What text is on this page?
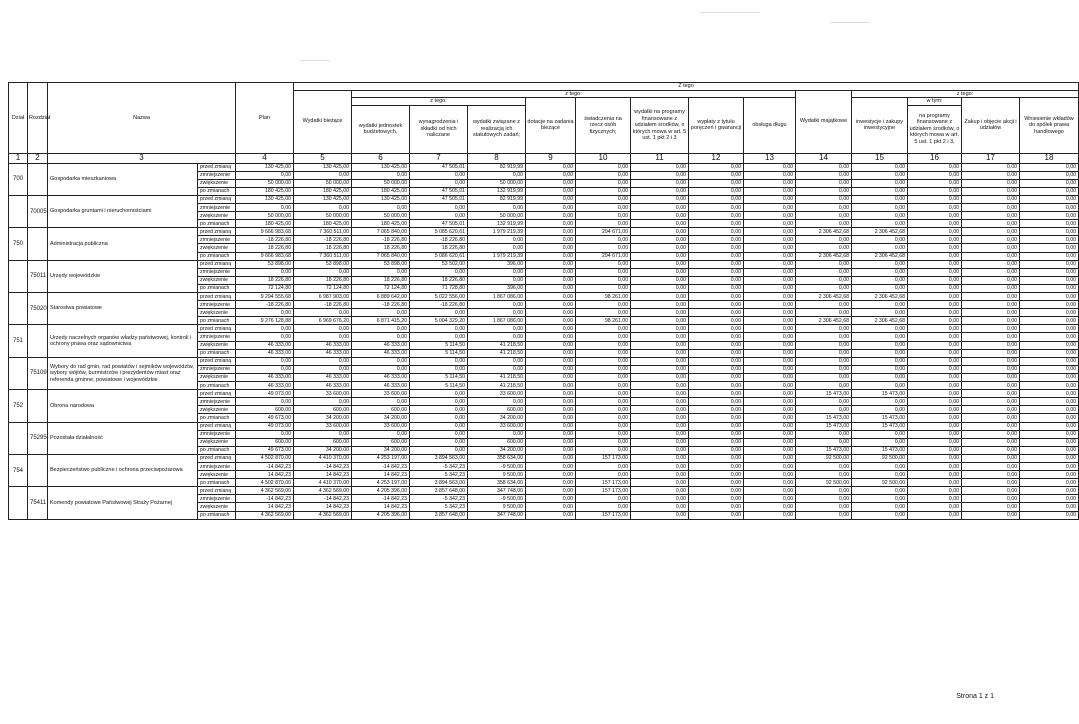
Dział	Rozdział	Nazwa		Plan	Z tego													
					Wydatki bieżące	z tego:								Wydatki majątkowe	z tego:			
						z tego:			dotacje na zadania bieżące	świadczenia na rzecz osób fizycznych;	wydatki na programy finansowane z udziałem środków, o których mowa w art. 5 ust. 1 pkt 2 i 3	wypłaty z tytułu poręczeń i gwarancji	obsługa długu		inwestycje i zakupy inwestycyjne	w tym:	Zakup i objęcie akcji i udziałów	Wniesienie wkładów do spółek prawa handlowego
						wydatki jednostek budżetowych,	wynagrodzenia i składki od nich naliczane	wydatki związane z realizacją ich statutowych zadań;								na programy finansowane z udziałem środków, o których mowa w art. 5 ust. 1 pkt 2 i 3,		

1	2	3		4	5	6	7	8	9	10	11	12	13	14	15	16	17	18
700		Gospodarka mieszkaniowa	przed zmianą	130 425,00	130 425,00	130 425,00	47 505,01	82 919,99	0,00	0,00	0,00	0,00	0,00	0,00	0,00	0,00	0,00	0,00
			zmniejszenie	0,00	0,00	0,00	0,00	0,00	0,00	0,00	0,00	0,00	0,00	0,00	0,00	0,00	0,00	0,00
			zwiększenie	50 000,00	50 000,00	50 000,00	0,00	50 000,00	0,00	0,00	0,00	0,00	0,00	0,00	0,00	0,00	0,00	0,00
			po zmianach	180 425,00	180 425,00	180 425,00	47 505,01	132 919,99	0,00	0,00	0,00	0,00	0,00	0,00	0,00	0,00	0,00	0,00
	70005	Gospodarka gruntami i nieruchomościami	przed zmianą	130 425,00	130 425,00	130 425,00	47 505,01	82 919,99	0,00	0,00	0,00	0,00	0,00	0,00	0,00	0,00	0,00	0,00
			zmniejszenie	0,00	0,00	0,00	0,00	0,00	0,00	0,00	0,00	0,00	0,00	0,00	0,00	0,00	0,00	0,00
			zwiększenie	50 000,00	50 000,00	50 000,00	0,00	50 000,00	0,00	0,00	0,00	0,00	0,00	0,00	0,00	0,00	0,00	0,00
			po zmianach	180 425,00	180 425,00	180 425,00	47 505,01	132 919,99	0,00	0,00	0,00	0,00	0,00	0,00	0,00	0,00	0,00	0,00
750		Administracja publiczna	przed zmianą	9 666 983,68	7 360 511,00	7 065 840,00	5 085 620,61	1 979 219,39	0,00	294 671,00	0,00	0,00	0,00	2 306 452,68	2 306 452,68	0,00	0,00	0,00
			zmniejszenie	-18 226,80	-18 226,80	-18 226,80	-18 226,80	0,00	0,00	0,00	0,00	0,00	0,00	0,00	0,00	0,00	0,00	0,00
			zwiększenie	18 226,80	18 226,80	18 226,80	18 226,80	0,00	0,00	0,00	0,00	0,00	0,00	0,00	0,00	0,00	0,00	0,00
			po zmianach	9 666 983,68	7 360 511,00	7 065 840,00	5 086 620,61	1 979 219,39	0,00	294 671,00	0,00	0,00	0,00	2 306 452,68	2 306 452,68	0,00	0,00	0,00
	75011	Urzędy wojewódzkie	przed zmianą	53 898,00	53 898,00	53 898,00	53 502,00	396,00	0,00	0,00	0,00	0,00	0,00	0,00	0,00	0,00	0,00	0,00
			zmniejszenie	0,00	0,00	0,00	0,00	0,00	0,00	0,00	0,00	0,00	0,00	0,00	0,00	0,00	0,00	0,00
			zwiększenie	18 226,80	18 226,80	18 226,80	18 226,80	0,00	0,00	0,00	0,00	0,00	0,00	0,00	0,00	0,00	0,00	0,00
			po zmianach	72 124,80	72 124,80	72 124,80	71 728,80	396,00	0,00	0,00	0,00	0,00	0,00	0,00	0,00	0,00	0,00	0,00
	75020	Starostwa powiatowe	przed zmianą	9 294 555,68	6 987 903,00	6 889 642,00	5 022 556,00	1 867 086,00	0,00	98 261,00	0,00	0,00	0,00	2 306 452,68	2 306 452,68	0,00	0,00	0,00
			zmniejszenie	-18 226,80	-18 226,80	-18 226,80	-18 226,80	0,00	0,00	0,00	0,00	0,00	0,00	0,00	0,00	0,00	0,00	0,00
			zwiększenie	0,00	0,00	0,00	0,00	0,00	0,00	0,00	0,00	0,00	0,00	0,00	0,00	0,00	0,00	0,00
			po zmianach	9 276 128,88	6 969 676,20	6 871 415,20	5 004 329,20	1 867 086,00	0,00	98 261,00	0,00	0,00	0,00	2 306 452,68	2 306 452,68	0,00	0,00	0,00
751		Urzędy naczelnych organów władzy państwowej, kontroli i ochrony prawa oraz sądownictwa	przed zmianą	0,00	0,00	0,00	0,00	0,00	0,00	0,00	0,00	0,00	0,00	0,00	0,00	0,00	0,00	0,00
			zmniejszenie	0,00	0,00	0,00	0,00	0,00	0,00	0,00	0,00	0,00	0,00	0,00	0,00	0,00	0,00	0,00
			zwiększenie	46 333,00	46 333,00	46 333,00	5 114,50	41 218,50	0,00	0,00	0,00	0,00	0,00	0,00	0,00	0,00	0,00	0,00
			po zmianach	46 333,00	46 333,00	46 333,00	5 114,50	41 218,50	0,00	0,00	0,00	0,00	0,00	0,00	0,00	0,00	0,00	0,00
	75109	Wybory do rad gmin, rad powiatów i sejmików województw, wybory wójtów, burmistrzów i prezydentów miast oraz referenda gminne, powiatowe i wojewódzkie	przed zmianą	0,00	0,00	0,00	0,00	0,00	0,00	0,00	0,00	0,00	0,00	0,00	0,00	0,00	0,00	0,00
			zmniejszenie	0,00	0,00	0,00	0,00	0,00	0,00	0,00	0,00	0,00	0,00	0,00	0,00	0,00	0,00	0,00
			zwiększenie	46 333,00	46 333,00	46 333,00	5 114,50	41 218,50	0,00	0,00	0,00	0,00	0,00	0,00	0,00	0,00	0,00	0,00
			po zmianach	46 333,00	46 333,00	46 333,00	5 114,50	41 218,50	0,00	0,00	0,00	0,00	0,00	0,00	0,00	0,00	0,00	0,00
752		Obrona narodowa	przed zmianą	49 073,00	33 600,00	33 600,00	0,00	33 600,00	0,00	0,00	0,00	0,00	0,00	15 473,00	15 473,00	0,00	0,00	0,00
			zmniejszenie	0,00	0,00	0,00	0,00	0,00	0,00	0,00	0,00	0,00	0,00	0,00	0,00	0,00	0,00	0,00
			zwiększenie	600,00	600,00	600,00	0,00	600,00	0,00	0,00	0,00	0,00	0,00	0,00	0,00	0,00	0,00	0,00
			po zmianach	49 673,00	34 200,00	34 200,00	0,00	34 200,00	0,00	0,00	0,00	0,00	0,00	15 473,00	15 473,00	0,00	0,00	0,00
	75295	Pozostała działalność	przed zmianą	49 073,00	33 600,00	33 600,00	0,00	33 600,00	0,00	0,00	0,00	0,00	0,00	15 473,00	15 473,00	0,00	0,00	0,00
			zmniejszenie	0,00	0,00	0,00	0,00	0,00	0,00	0,00	0,00	0,00	0,00	0,00	0,00	0,00	0,00	0,00
			zwiększenie	600,00	600,00	600,00	0,00	600,00	0,00	0,00	0,00	0,00	0,00	0,00	0,00	0,00	0,00	0,00
			po zmianach	49 673,00	34 200,00	34 200,00	0,00	34 200,00	0,00	0,00	0,00	0,00	0,00	15 473,00	15 473,00	0,00	0,00	0,00
754		Bezpieczeństwo publiczne i ochrona przeciwpożarowa	przed zmianą	4 502 870,00	4 410 370,00	4 253 197,00	3 894 563,00	358 634,00	0,00	157 173,00	0,00	0,00	0,00	92 500,00	92 500,00	0,00	0,00	0,00
			zmniejszenie	-14 842,23	-14 842,23	-14 842,23	-5 342,23	-9 500,00	0,00	0,00	0,00	0,00	0,00	0,00	0,00	0,00	0,00	0,00
			zwiększenie	14 842,23	14 842,23	14 842,23	5 342,23	9 500,00	0,00	0,00	0,00	0,00	0,00	0,00	0,00	0,00	0,00	0,00
			po zmianach	4 502 870,00	4 410 370,00	4 253 197,00	3 894 563,00	358 634,00	0,00	157 173,00	0,00	0,00	0,00	92 500,00	92 500,00	0,00	0,00	0,00
	75411	Komendy powiatowe Państwowej Straży Pożarnej	przed zmianą	4 362 569,00	4 362 569,00	4 205 396,00	3 857 648,00	347 748,00	0,00	157 173,00	0,00	0,00	0,00	0,00	0,00	0,00	0,00	0,00
			zmniejszenie	-14 842,23	-14 842,23	-14 842,23	-5 342,23	-9 500,00	0,00	0,00	0,00	0,00	0,00	0,00	0,00	0,00	0,00	0,00
			zwiększenie	14 842,23	14 842,23	14 842,23	5 342,23	9 500,00	0,00	0,00	0,00	0,00	0,00	0,00	0,00	0,00	0,00	0,00
			po zmianach	4 362 569,00	4 362 569,00	4 205 396,00	3 857 648,00	347 748,00	0,00	157 173,00	0,00	0,00	0,00	0,00	0,00	0,00	0,00	0,00
Strona 1 z 1
